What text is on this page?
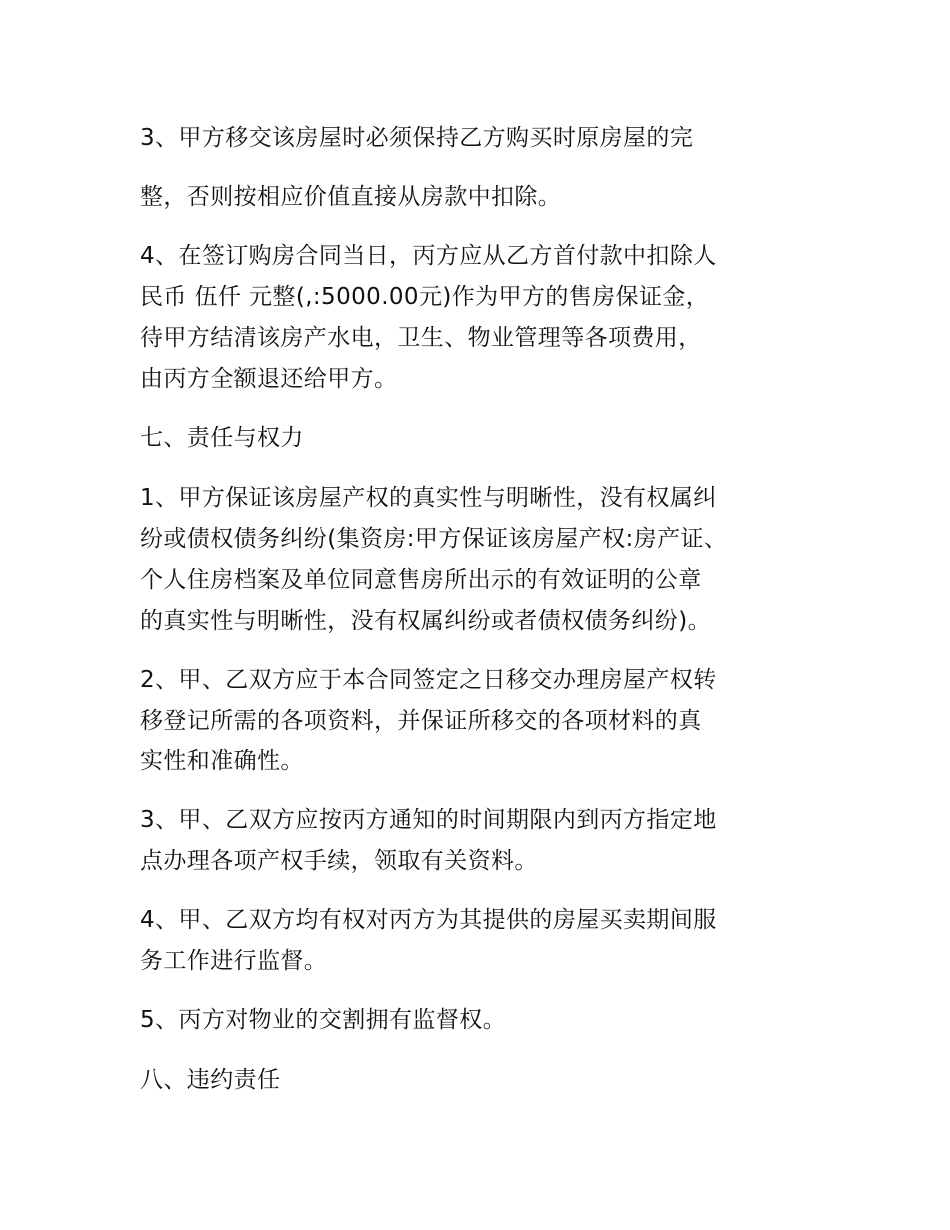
3、甲方移交该房屋时必须保持乙方购买时原房屋的完
整，否则按相应价值直接从房款中扣除。
4、在签订购房合同当日，丙方应从乙方首付款中扣除人
民币 伍仟 元整(,:5000.00元)作为甲方的售房保证金，
待甲方结清该房产水电，卫生、物业管理等各项费用，
由丙方全额退还给甲方。
七、责任与权力
1、甲方保证该房屋产权的真实性与明晰性，没有权属纠
纷或债权债务纠纷(集资房:甲方保证该房屋产权:房产证、
个人住房档案及单位同意售房所出示的有效证明的公章
的真实性与明晰性，没有权属纠纷或者债权债务纠纷)。
2、甲、乙双方应于本合同签定之日移交办理房屋产权转
移登记所需的各项资料，并保证所移交的各项材料的真
实性和准确性。
3、甲、乙双方应按丙方通知的时间期限内到丙方指定地
点办理各项产权手续，领取有关资料。
4、甲、乙双方均有权对丙方为其提供的房屋买卖期间服
务工作进行监督。
5、丙方对物业的交割拥有监督权。
八、违约责任
